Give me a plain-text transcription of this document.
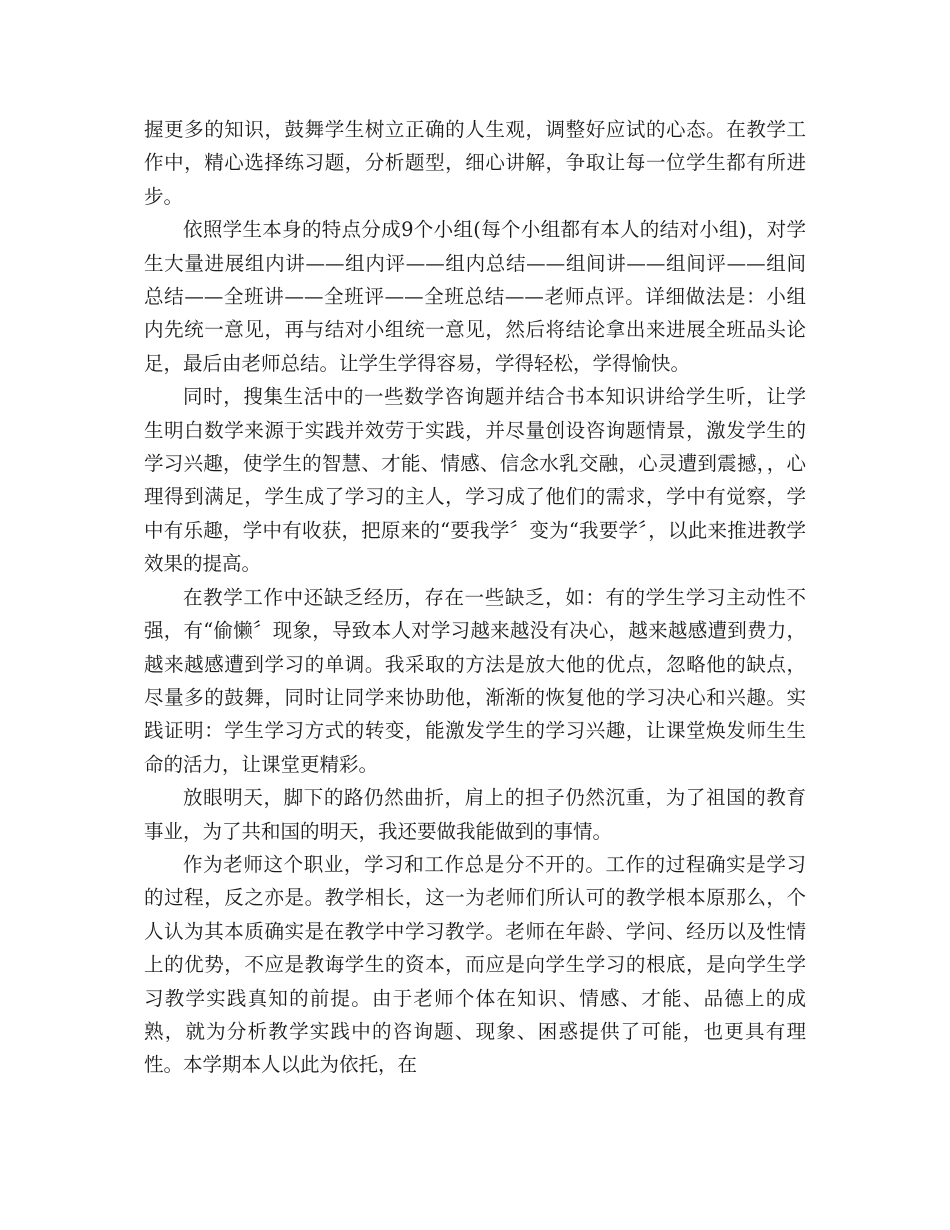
握更多的知识，鼓舞学生树立正确的人生观，调整好应试的心态。在教学工作中，精心选择练习题，分析题型，细心讲解，争取让每一位学生都有所进步。

依照学生本身的特点分成9个小组(每个小组都有本人的结对小组)，对学生大量进展组内讲——组内评——组内总结——组间讲——组间评——组间总结——全班讲——全班评——全班总结——老师点评。详细做法是：小组内先统一意见，再与结对小组统一意见，然后将结论拿出来进展全班品头论足，最后由老师总结。让学生学得容易，学得轻松，学得愉快。

同时，搜集生活中的一些数学咨询题并结合书本知识讲给学生听，让学生明白数学来源于实践并效劳于实践，并尽量创设咨询题情景，激发学生的学习兴趣，使学生的智慧、才能、情感、信念水乳交融，心灵遭到震撼，，心理得到满足，学生成了学习的主人，学习成了他们的需求，学中有觉察，学中有乐趣，学中有收获，把原来的“要我学〞变为“我要学〞，以此来推进教学效果的提高。

在教学工作中还缺乏经历，存在一些缺乏，如：有的学生学习主动性不强，有“偷懒〞现象，导致本人对学习越来越没有决心，越来越感遭到费力，越来越感遭到学习的单调。我采取的方法是放大他的优点，忽略他的缺点，尽量多的鼓舞，同时让同学来协助他，渐渐的恢复他的学习决心和兴趣。实践证明：学生学习方式的转变，能激发学生的学习兴趣，让课堂焕发师生生命的活力，让课堂更精彩。

放眼明天，脚下的路仍然曲折，肩上的担子仍然沉重，为了祖国的教育事业，为了共和国的明天，我还要做我能做到的事情。

作为老师这个职业，学习和工作总是分不开的。工作的过程确实是学习的过程，反之亦是。教学相长，这一为老师们所认可的教学根本原那么，个人认为其本质确实是在教学中学习教学。老师在年龄、学问、经历以及性情上的优势，不应是教诲学生的资本，而应是向学生学习的根底，是向学生学习教学实践真知的前提。由于老师个体在知识、情感、才能、品德上的成熟，就为分析教学实践中的咨询题、现象、困惑提供了可能，也更具有理性。本学期本人以此为依托，在
